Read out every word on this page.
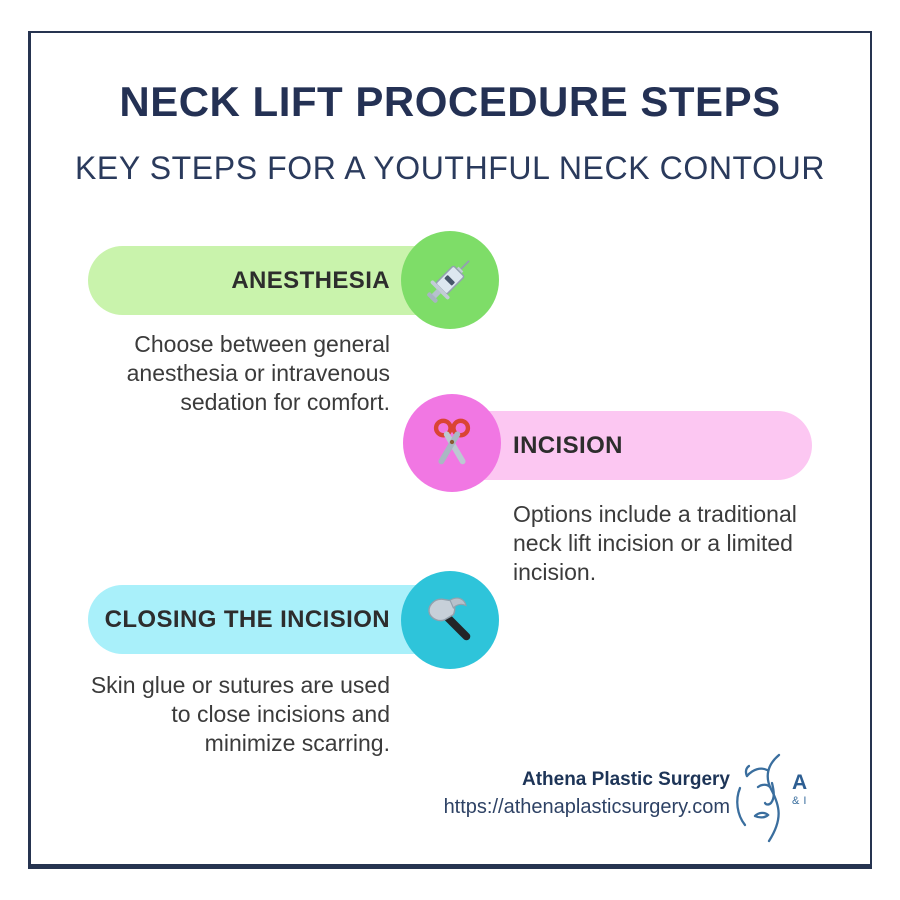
NECK LIFT PROCEDURE STEPS
KEY STEPS FOR A YOUTHFUL NECK CONTOUR
ANESTHESIA
Choose between general
anesthesia or intravenous
sedation for comfort.
INCISION
Options include a traditional
neck lift incision or a limited
incision.
CLOSING THE INCISION
Skin glue or sutures are used
to close incisions and
minimize scarring.
Athena Plastic Surgery
https://athenaplasticsurgery.com
A
& I
